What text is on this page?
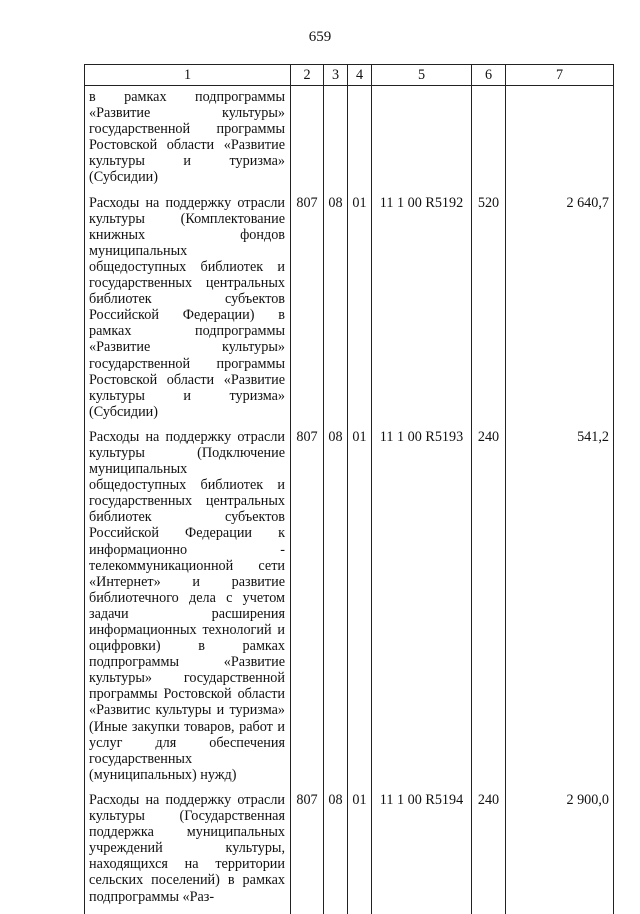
659
1	2	3	4	5	6	7
в рамках подпрограммы «Развитие культуры» государственной программы Ростовской области «Развитие культуры и туризма» (Субсидии)						
Расходы на поддержку отрасли культуры (Комплектование книжных фондов муниципальных общедоступных библиотек и государственных центральных библиотек субъектов Российской Федерации) в рамках подпрограммы «Развитие культуры» государственной программы Ростовской области «Развитие культуры и туризма» (Субсидии)	807	08	01	11 1 00 R5192	520	2 640,7
Расходы на поддержку отрасли культуры (Подключение муниципальных общедоступных библиотек и государственных центральных библиотек субъектов Российской Федерации к информационно - телекоммуникационной сети «Интернет» и развитие библиотечного дела с учетом задачи расширения информационных технологий и оцифровки) в рамках подпрограммы «Развитие культуры» государственной программы Ростовской области «Развитис культуры и туризма» (Иные закупки товаров, работ и услуг для обеспечения государственных (муниципальных) нужд)	807	08	01	11 1 00 R5193	240	541,2
Расходы на поддержку отрасли культуры (Государственная поддержка муниципальных учреждений культуры, находящихся на территории сельских поселений) в рамках подпрограммы «Раз-	807	08	01	11 1 00 R5194	240	2 900,0
